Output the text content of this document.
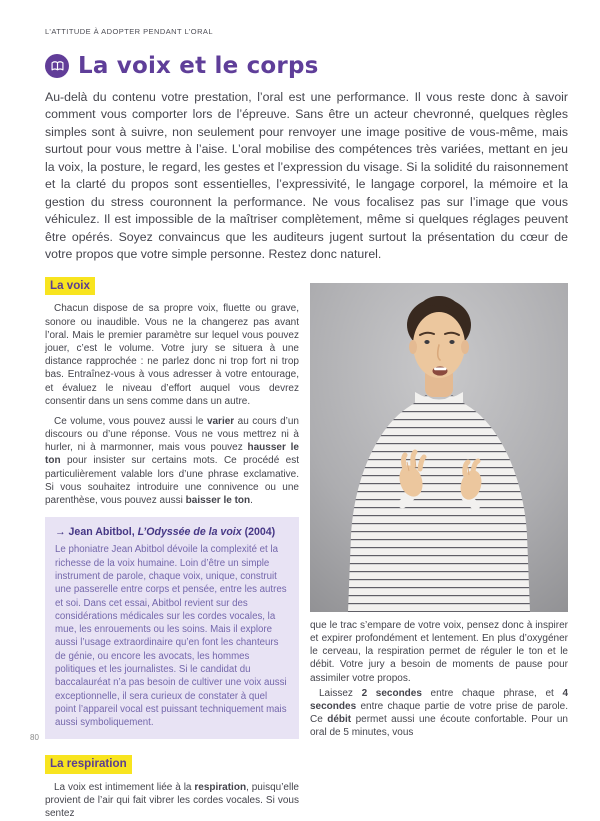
L’ATTITUDE À ADOPTER PENDANT L’ORAL
La voix et le corps

Au-delà du contenu votre prestation, l’oral est une performance. Il vous reste donc à savoir comment vous comporter lors de l’épreuve. Sans être un acteur chevronné, quelques règles simples sont à suivre, non seulement pour renvoyer une image positive de vous-même, mais surtout pour vous mettre à l’aise. L’oral mobilise des compétences très variées, mettant en jeu la voix, la posture, le regard, les gestes et l’expression du visage. Si la solidité du raisonnement et la clarté du propos sont essentielles, l’expressivité, le langage corporel, la mémoire et la gestion du stress couronnent la performance. Ne vous focalisez pas sur l’image que vous véhiculez. Il est impossible de la maîtriser complètement, même si quelques réglages peuvent être opérés. Soyez convaincus que les auditeurs jugent surtout la présentation du cœur de votre propos que votre simple personne. Restez donc naturel.

La voix

Chacun dispose de sa propre voix, fluette ou grave, sonore ou inaudible. Vous ne la changerez pas avant l’oral. Mais le premier paramètre sur lequel vous pouvez jouer, c’est le volume. Votre jury se situera à une distance rapprochée : ne parlez donc ni trop fort ni trop bas. Entraînez-vous à vous adresser à votre entourage, et évaluez le niveau d’effort auquel vous devrez consentir dans un sens comme dans un autre.

Ce volume, vous pouvez aussi le varier au cours d’un discours ou d’une réponse. Vous ne vous mettrez ni à hurler, ni à marmonner, mais vous pouvez hausser le ton pour insister sur certains mots. Ce procédé est particulièrement valable lors d’une phrase exclamative. Si vous souhaitez introduire une connivence ou une parenthèse, vous pouvez aussi baisser le ton.

→ Jean Abitbol, L’Odyssée de la voix (2004)
Le phoniatre Jean Abitbol dévoile la complexité et la richesse de la voix humaine. Loin d’être un simple instrument de parole, chaque voix, unique, construit une passerelle entre corps et pensée, entre les autres et soi. Dans cet essai, Abitbol revient sur des considérations médicales sur les cordes vocales, la mue, les enrouements ou les soins. Mais il explore aussi l’usage extraordinaire qu’en font les chanteurs de génie, ou encore les avocats, les hommes politiques et les journalistes. Si le candidat du baccalauréat n’a pas besoin de cultiver une voix aussi exceptionnelle, il sera curieux de constater à quel point l’appareil vocal est puissant techniquement mais aussi symboliquement.
La respiration

La voix est intimement liée à la respiration, puisqu’elle provient de l’air qui fait vibrer les cordes vocales. Si vous sentez

que le trac s’empare de votre voix, pensez donc à inspirer et expirer profondément et lentement. En plus d’oxygéner le cerveau, la respiration permet de réguler le ton et le débit. Votre jury a besoin de moments de pause pour assimiler votre propos.

Laissez 2 secondes entre chaque phrase, et 4 secondes entre chaque partie de votre prise de parole. Ce débit permet aussi une écoute confortable. Pour un oral de 5 minutes, vous

80
